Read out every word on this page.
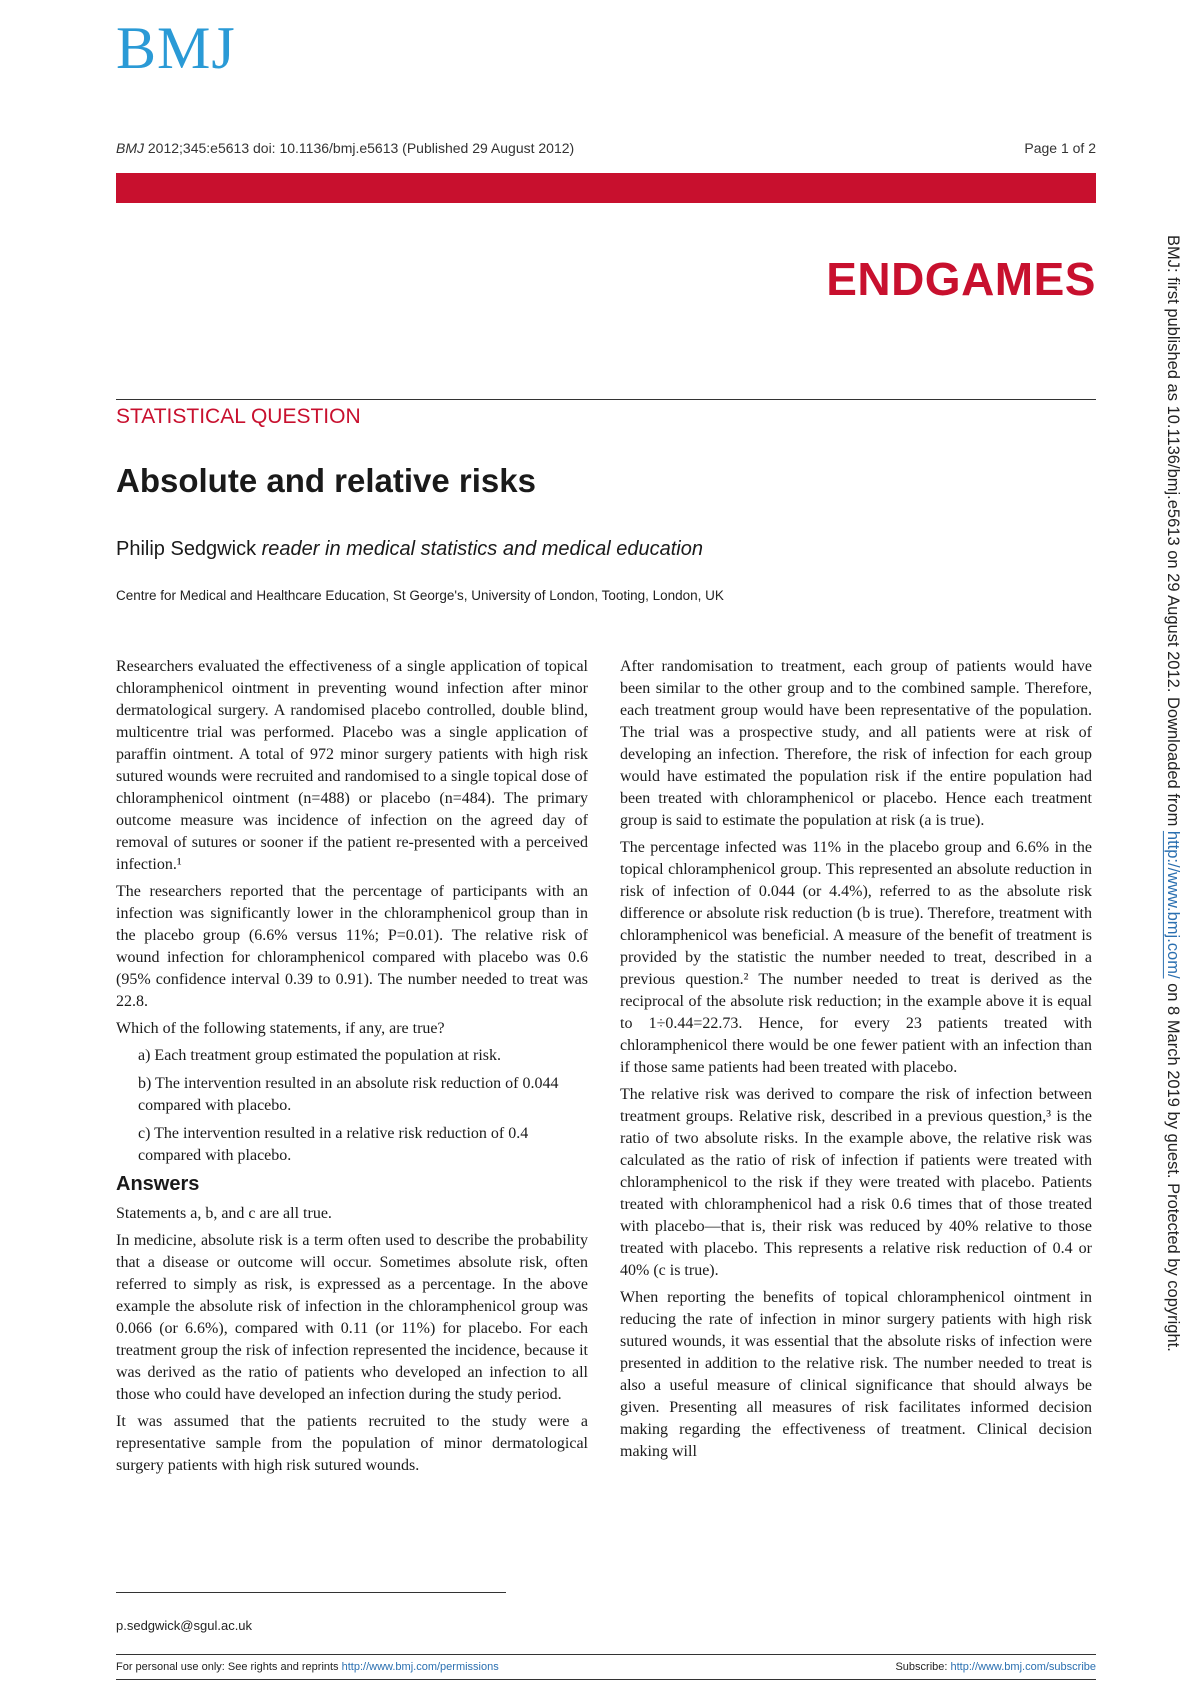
BMJ
BMJ 2012;345:e5613 doi: 10.1136/bmj.e5613 (Published 29 August 2012)	Page 1 of 2
ENDGAMES
STATISTICAL QUESTION
Absolute and relative risks
Philip Sedgwick reader in medical statistics and medical education
Centre for Medical and Healthcare Education, St George's, University of London, Tooting, London, UK

Researchers evaluated the effectiveness of a single application of topical chloramphenicol ointment in preventing wound infection after minor dermatological surgery. A randomised placebo controlled, double blind, multicentre trial was performed. Placebo was a single application of paraffin ointment. A total of 972 minor surgery patients with high risk sutured wounds were recruited and randomised to a single topical dose of chloramphenicol ointment (n=488) or placebo (n=484). The primary outcome measure was incidence of infection on the agreed day of removal of sutures or sooner if the patient re-presented with a perceived infection.¹

The researchers reported that the percentage of participants with an infection was significantly lower in the chloramphenicol group than in the placebo group (6.6% versus 11%; P=0.01). The relative risk of wound infection for chloramphenicol compared with placebo was 0.6 (95% confidence interval 0.39 to 0.91). The number needed to treat was 22.8.

Which of the following statements, if any, are true?

a) Each treatment group estimated the population at risk.

b) The intervention resulted in an absolute risk reduction of 0.044 compared with placebo.

c) The intervention resulted in a relative risk reduction of 0.4 compared with placebo.

Answers

Statements a, b, and c are all true.

In medicine, absolute risk is a term often used to describe the probability that a disease or outcome will occur. Sometimes absolute risk, often referred to simply as risk, is expressed as a percentage. In the above example the absolute risk of infection in the chloramphenicol group was 0.066 (or 6.6%), compared with 0.11 (or 11%) for placebo. For each treatment group the risk of infection represented the incidence, because it was derived as the ratio of patients who developed an infection to all those who could have developed an infection during the study period.

It was assumed that the patients recruited to the study were a representative sample from the population of minor dermatological surgery patients with high risk sutured wounds.

After randomisation to treatment, each group of patients would have been similar to the other group and to the combined sample. Therefore, each treatment group would have been representative of the population. The trial was a prospective study, and all patients were at risk of developing an infection. Therefore, the risk of infection for each group would have estimated the population risk if the entire population had been treated with chloramphenicol or placebo. Hence each treatment group is said to estimate the population at risk (a is true).

The percentage infected was 11% in the placebo group and 6.6% in the topical chloramphenicol group. This represented an absolute reduction in risk of infection of 0.044 (or 4.4%), referred to as the absolute risk difference or absolute risk reduction (b is true). Therefore, treatment with chloramphenicol was beneficial. A measure of the benefit of treatment is provided by the statistic the number needed to treat, described in a previous question.² The number needed to treat is derived as the reciprocal of the absolute risk reduction; in the example above it is equal to 1÷0.44=22.73. Hence, for every 23 patients treated with chloramphenicol there would be one fewer patient with an infection than if those same patients had been treated with placebo.

The relative risk was derived to compare the risk of infection between treatment groups. Relative risk, described in a previous question,³ is the ratio of two absolute risks. In the example above, the relative risk was calculated as the ratio of risk of infection if patients were treated with chloramphenicol to the risk if they were treated with placebo. Patients treated with chloramphenicol had a risk 0.6 times that of those treated with placebo—that is, their risk was reduced by 40% relative to those treated with placebo. This represents a relative risk reduction of 0.4 or 40% (c is true).

When reporting the benefits of topical chloramphenicol ointment in reducing the rate of infection in minor surgery patients with high risk sutured wounds, it was essential that the absolute risks of infection were presented in addition to the relative risk. The number needed to treat is also a useful measure of clinical significance that should always be given. Presenting all measures of risk facilitates informed decision making regarding the effectiveness of treatment. Clinical decision making will

p.sedgwick@sgul.ac.uk
For personal use only: See rights and reprints http://www.bmj.com/permissions	Subscribe: http://www.bmj.com/subscribe
BMJ: first published as 10.1136/bmj.e5613 on 29 August 2012. Downloaded from http://www.bmj.com/ on 8 March 2019 by guest. Protected by copyright.
